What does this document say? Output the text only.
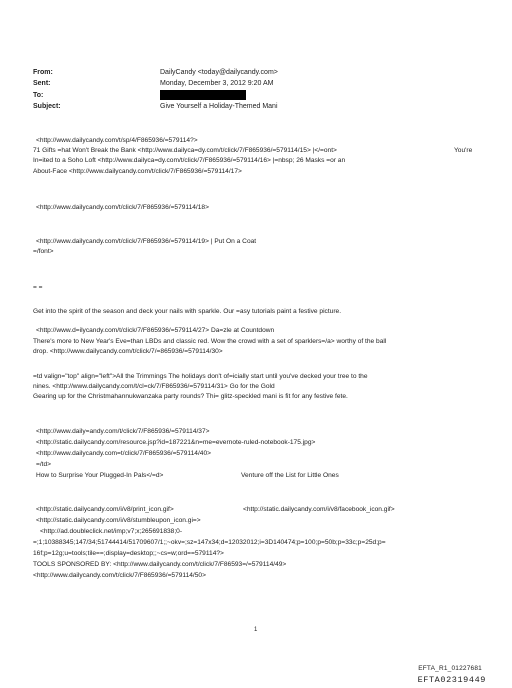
From:	DailyCandy <today@dailycandy.com>
Sent:	Monday, December 3, 2012 9:20 AM
To:
Subject:	Give Yourself a Holiday-Themed Mani
<http://www.dailycandy.com/t/sp/4/F865936/=579114?>
71 Gifts =hat Won't Break the Bank <http://www.dailyca=dy.com/t/click/7/F865936/=579114/15> |</=ont>	You're
In=ited to a Soho Loft <http://www.dailyca=dy.com/t/click/7/F865936/=579114/16> |=nbsp; 26 Masks =or an
About-Face <http://www.dailycandy.com/t/click/7/F865936/=579114/17>
<http://www.dailycandy.com/t/click/7/F865936/=579114/18>
<http://www.dailycandy.com/t/click/7/F865936/=579114/19> | Put On a Coat
=/font>
= =
Get into the spirit of the season and deck your nails with sparkle. Our =asy tutorials paint a festive picture.
<http://www.d=ilycandy.com/t/click/7/F865936/=579114/27> Da=zle at Countdown
There's more to New Year's Eve=than LBDs and classic red. Wow the crowd with a set of sparklers=/a> worthy of the ball
drop. <http://www.dailycandy.com/t/click/7/=865936/=579114/30>
=td valign="top" align="left">All the Trimmings The holidays don't of=icially start until you've decked your tree to the
nines. <http://www.dailycandy.com/t/cl=ck/7/F865936/=579114/31> Go for the Gold
Gearing up for the Christmahannukwanzaka party rounds? Thi= glitz-speckled mani is fit for any festive fete.
<http://www.daily=andy.com/t/click/7/F865936/=579114/37>
<http://static.dailycandy.com/resource.jsp?id=187221&n=me=evernote-ruled-notebook-175.jpg>
<http://www.dailycandy.com=t/click/7/F865936/=579114/40>
=/td>
How to Surprise Your Plugged-In Pals</=d>	Venture off the List for Little Ones
<http://static.dailycandy.com/i/v8/print_icon.gif>	<http://static.dailycandy.com/i/v8/facebook_icon.gif>
<http://static.dailycandy.com/i/v8/stumbleupon_icon.gi=>
<http://ad.doubleclick.net/imp;v7;x;265691838;0-
=;1;10388345;147/34;51744414/51709607/1;;~okv=;sz=147x34;d=12032012;i=3D140474;p=100;p=50b;p=33c;p=25d;p=
16f;p=12g;u=tools;tile==;display=desktop;;~cs=w;ord==579114?>
TOOLS SPONSORED BY: <http://www.dailycandy.com/t/click/7/F86593=/=579114/49>
<http://www.dailycandy.com/t/click/7/F865936/=579114/50>
1
EFTA_R1_01227681
EFTA02319449
